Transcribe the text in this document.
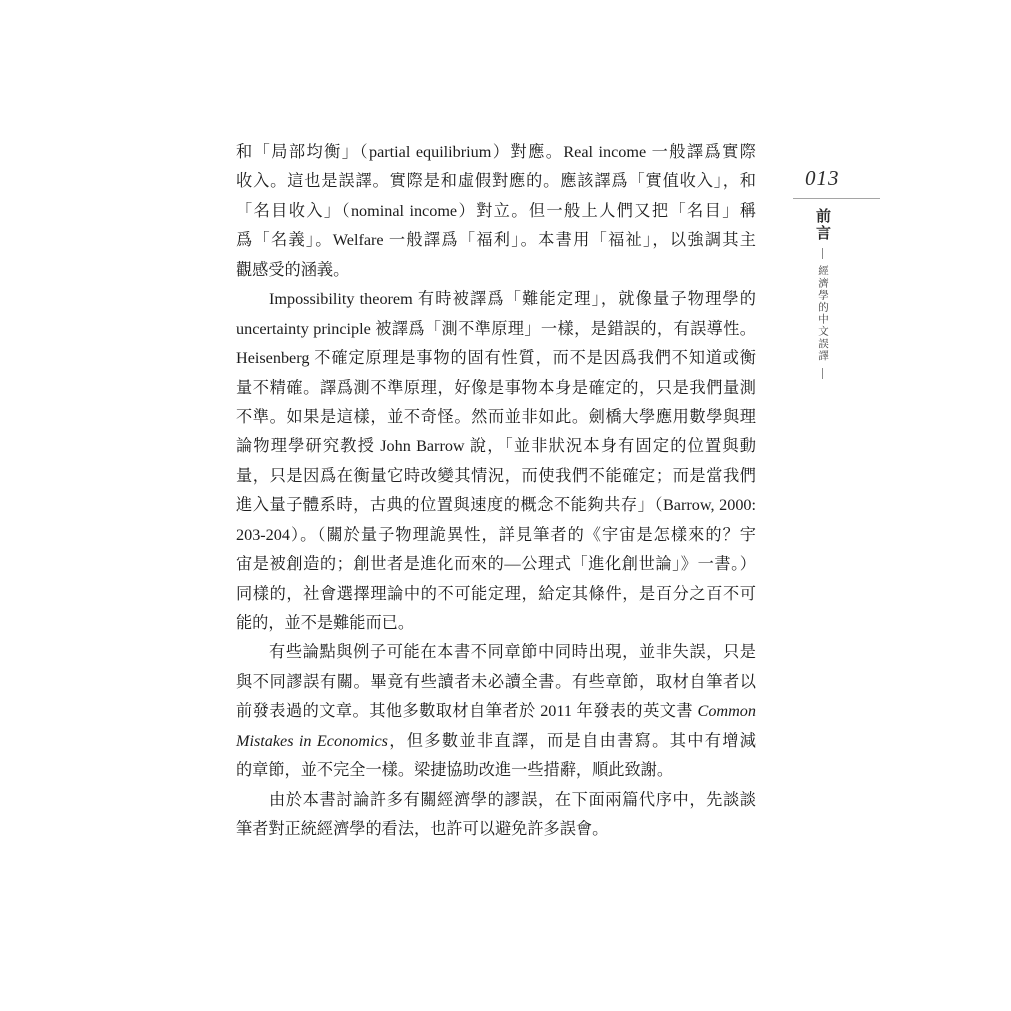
和「局部均衡」（partial equilibrium）對應。Real income 一般譯爲實際
收入。這也是誤譯。實際是和虛假對應的。應該譯爲「實值收入」，和
「名目收入」（nominal income）對立。但一般上人們又把「名目」稱
爲「名義」。Welfare 一般譯爲「福利」。本書用「福祉」，以強調其主
觀感受的涵義。
Impossibility theorem 有時被譯爲「難能定理」，就像量子物理學的
uncertainty principle 被譯爲「測不準原理」一樣，是錯誤的，有誤導性。
Heisenberg 不確定原理是事物的固有性質，而不是因爲我們不知道或衡
量不精確。譯爲測不準原理，好像是事物本身是確定的，只是我們量測
不準。如果是這樣，並不奇怪。然而並非如此。劍橋大學應用數學與理
論物理學研究教授 John Barrow 說，「並非狀況本身有固定的位置與動
量，只是因爲在衡量它時改變其情況，而使我們不能確定；而是當我們
進入量子體系時，古典的位置與速度的概念不能夠共存」（Barrow, 2000:
203-204）。（關於量子物理詭異性，詳見筆者的《宇宙是怎樣來的？宇
宙是被創造的；創世者是進化而來的—公理式「進化創世論」》一書。）
同樣的，社會選擇理論中的不可能定理，給定其條件，是百分之百不可
能的，並不是難能而已。
有些論點與例子可能在本書不同章節中同時出現，並非失誤，只是
與不同謬誤有關。畢竟有些讀者未必讀全書。有些章節，取材自筆者以
前發表過的文章。其他多數取材自筆者於 2011 年發表的英文書 Common
Mistakes in Economics，但多數並非直譯，而是自由書寫。其中有增減
的章節，並不完全一樣。梁捷協助改進一些措辭，順此致謝。
由於本書討論許多有關經濟學的謬誤，在下面兩篇代序中，先談談
筆者對正統經濟學的看法，也許可以避免許多誤會。
013
前言經濟學的中文誤譯
